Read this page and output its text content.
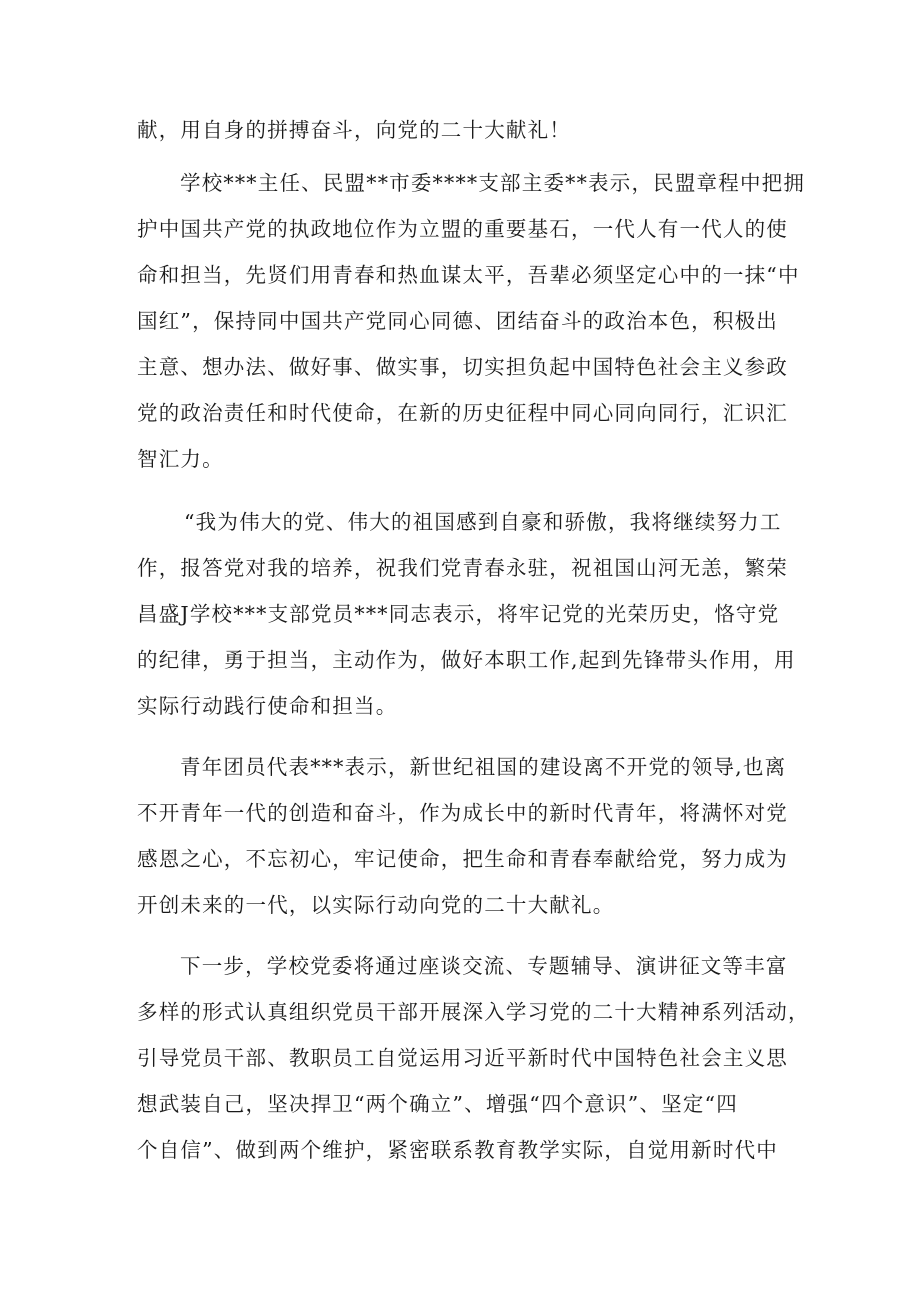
献，用自身的拼搏奋斗，向党的二十大献礼！
学校***主任、民盟**市委****支部主委**表示，民盟章程中把拥
护中国共产党的执政地位作为立盟的重要基石，一代人有一代人的使
命和担当，先贤们用青春和热血谋太平，吾辈必须坚定心中的一抹“中
国红”，保持同中国共产党同心同德、团结奋斗的政治本色，积极出
主意、想办法、做好事、做实事，切实担负起中国特色社会主义参政
党的政治责任和时代使命，在新的历史征程中同心同向同行，汇识汇
智汇力。
“我为伟大的党、伟大的祖国感到自豪和骄傲，我将继续努力工
作，报答党对我的培养，祝我们党青春永驻，祝祖国山河无恙，繁荣
昌盛J学校***支部党员***同志表示，将牢记党的光荣历史，恪守党
的纪律，勇于担当，主动作为，做好本职工作,起到先锋带头作用，用
实际行动践行使命和担当。
青年团员代表***表示，新世纪祖国的建设离不开党的领导,也离
不开青年一代的创造和奋斗，作为成长中的新时代青年，将满怀对党
感恩之心，不忘初心，牢记使命，把生命和青春奉献给党，努力成为
开创未来的一代，以实际行动向党的二十大献礼。
下一步，学校党委将通过座谈交流、专题辅导、演讲征文等丰富
多样的形式认真组织党员干部开展深入学习党的二十大精神系列活动，
引导党员干部、教职员工自觉运用习近平新时代中国特色社会主义思
想武装自己，坚决捍卫“两个确立”、增强“四个意识”、坚定“四
个自信”、做到两个维护，紧密联系教育教学实际，自觉用新时代中
